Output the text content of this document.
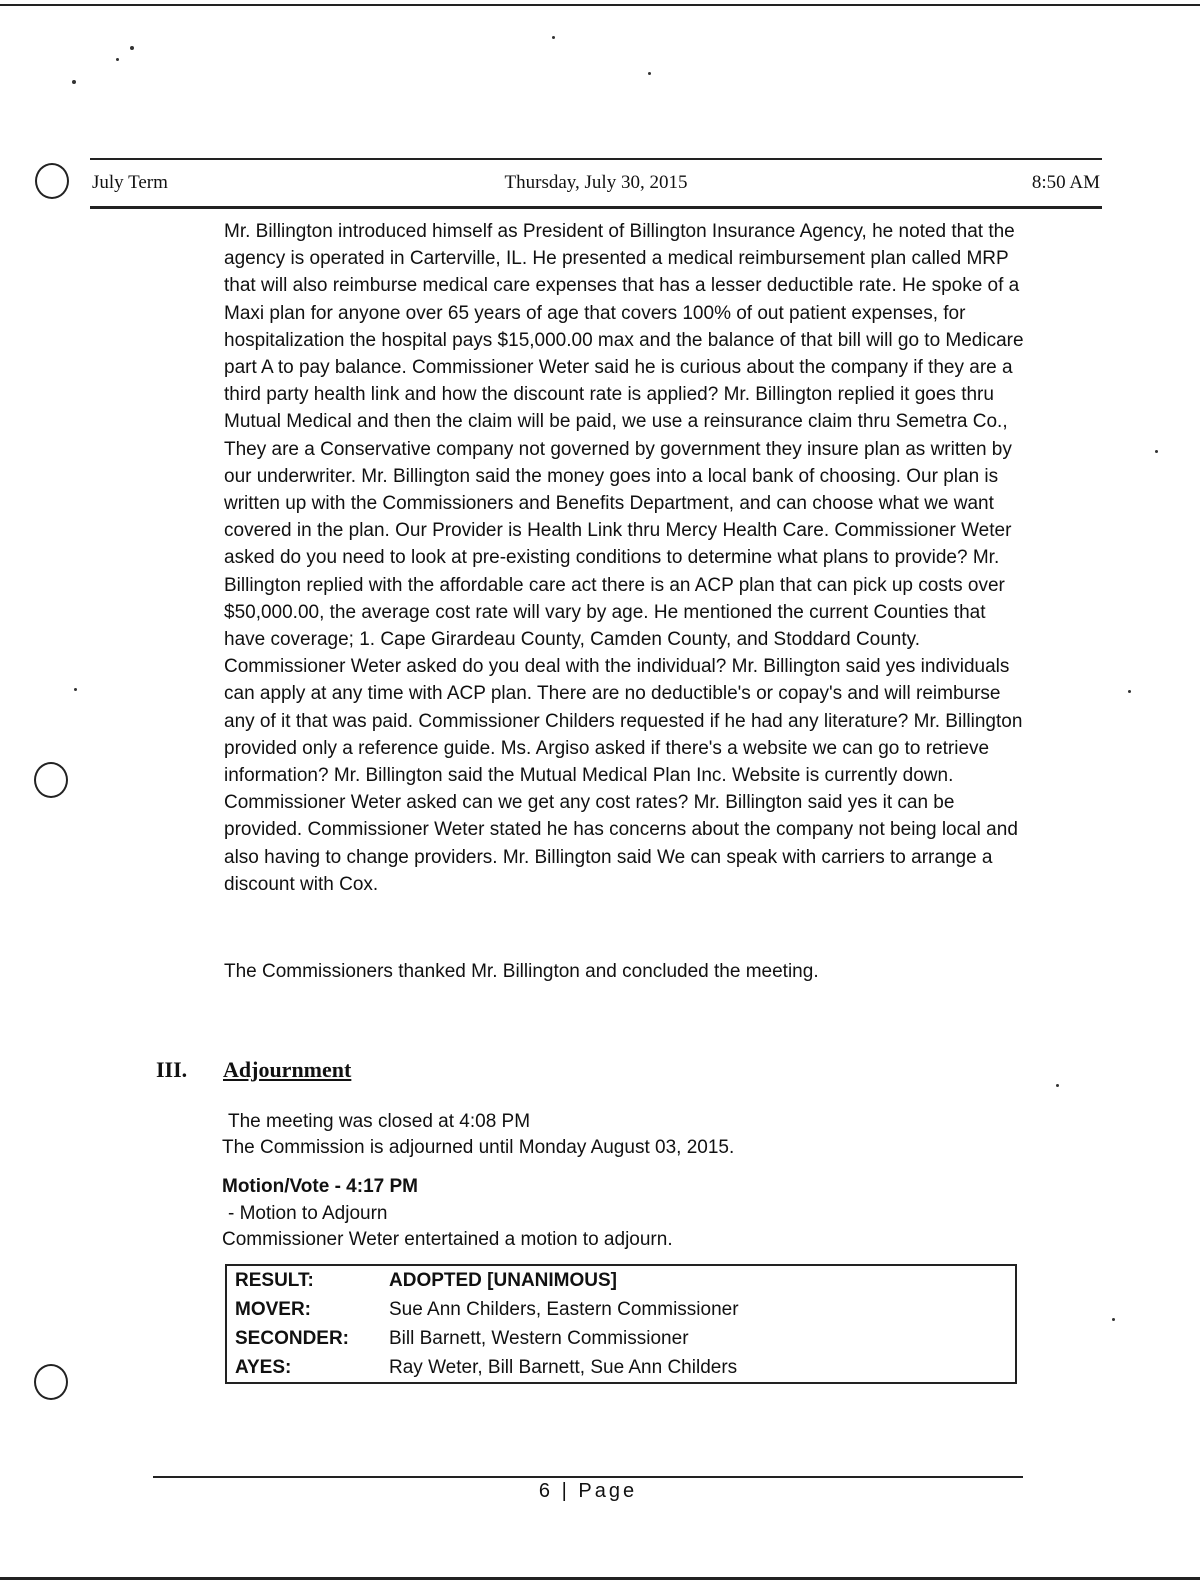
July Term	Thursday, July 30, 2015	8:50 AM

Mr. Billington introduced himself as President of Billington Insurance Agency, he noted that the agency is operated in Carterville, IL. He presented a medical reimbursement plan called MRP that will also reimburse medical care expenses that has a lesser deductible rate. He spoke of a Maxi plan for anyone over 65 years of age that covers 100% of out patient expenses, for hospitalization the hospital pays $15,000.00 max and the balance of that bill will go to Medicare part A to pay balance. Commissioner Weter said he is curious about the company if they are a third party health link and how the discount rate is applied? Mr. Billington replied it goes thru Mutual Medical and then the claim will be paid, we use a reinsurance claim thru Semetra Co., They are a Conservative company not governed by government they insure plan as written by our underwriter. Mr. Billington said the money goes into a local bank of choosing. Our plan is written up with the Commissioners and Benefits Department, and can choose what we want covered in the plan. Our Provider is Health Link thru Mercy Health Care. Commissioner Weter asked do you need to look at pre-existing conditions to determine what plans to provide? Mr. Billington replied with the affordable care act there is an ACP plan that can pick up costs over $50,000.00, the average cost rate will vary by age. He mentioned the current Counties that have coverage; 1. Cape Girardeau County, Camden County, and Stoddard County. Commissioner Weter asked do you deal with the individual? Mr. Billington said yes individuals can apply at any time with ACP plan. There are no deductible's or copay's and will reimburse any of it that was paid. Commissioner Childers requested if he had any literature? Mr. Billington provided only a reference guide. Ms. Argiso asked if there's a website we can go to retrieve information? Mr. Billington said the Mutual Medical Plan Inc. Website is currently down. Commissioner Weter asked can we get any cost rates? Mr. Billington said yes it can be provided. Commissioner Weter stated he has concerns about the company not being local and also having to change providers. Mr. Billington said We can speak with carriers to arrange a discount with Cox.

The Commissioners thanked Mr. Billington and concluded the meeting.

III. Adjournment
The meeting was closed at 4:08 PM
The Commission is adjourned until Monday August 03, 2015.
Motion/Vote - 4:17 PM
- Motion to Adjourn
Commissioner Weter entertained a motion to adjourn.
RESULT:	ADOPTED [UNANIMOUS]
MOVER:	Sue Ann Childers, Eastern Commissioner
SECONDER:	Bill Barnett, Western Commissioner
AYES:	Ray Weter, Bill Barnett, Sue Ann Childers
6 | Page
